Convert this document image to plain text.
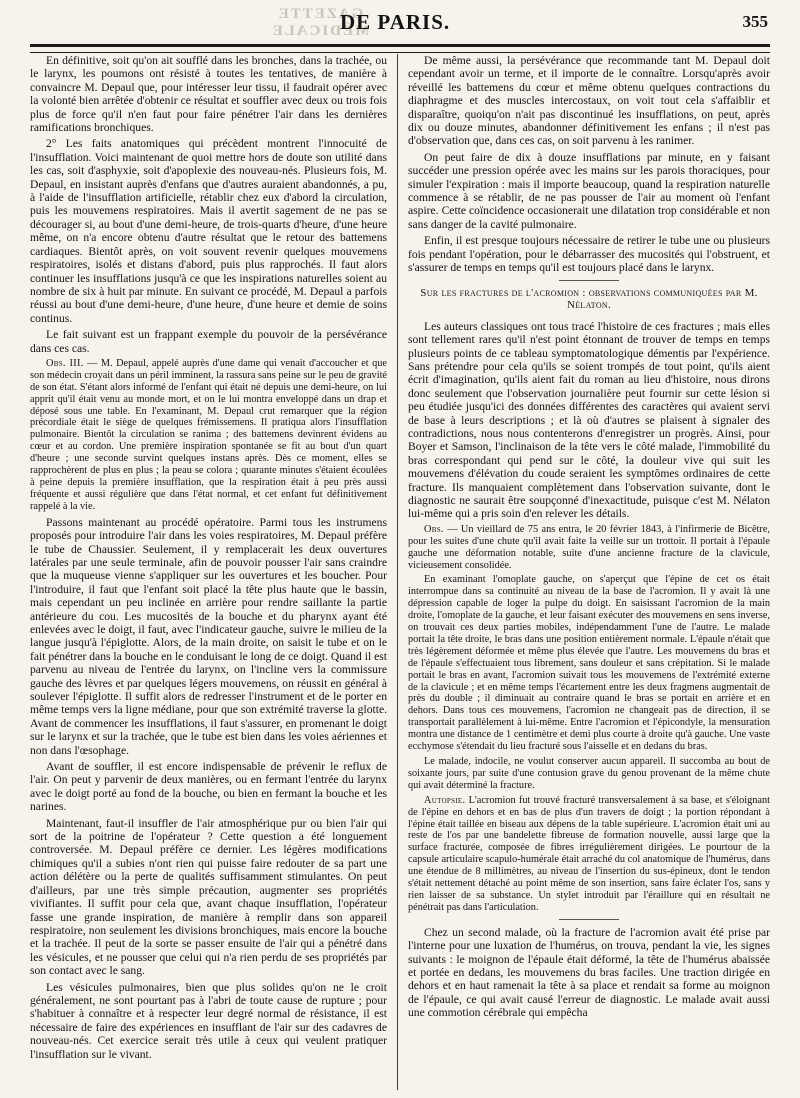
GAZETTE MÉDICALE
DE PARIS.	355

En définitive, soit qu'on ait soufflé dans les bronches, dans la trachée, ou le larynx, les poumons ont résisté à toutes les tentatives, de manière à convaincre M. Depaul que, pour intéresser leur tissu, il faudrait opérer avec la volonté bien arrêtée d'obtenir ce résultat et souffler avec deux ou trois fois plus de force qu'il n'en faut pour faire pénétrer l'air dans les dernières ramifications bronchiques.

2° Les faits anatomiques qui précèdent montrent l'innocuité de l'insufflation. Voici maintenant de quoi mettre hors de doute son utilité dans les cas, soit d'asphyxie, soit d'apoplexie des nouveau-nés. Plusieurs fois, M. Depaul, en insistant auprès d'enfans que d'autres auraient abandonnés, a pu, à l'aide de l'insufflation artificielle, rétablir chez eux d'abord la circulation, puis les mouvemens respiratoires. Mais il avertit sagement de ne pas se décourager si, au bout d'une demi-heure, de trois-quarts d'heure, d'une heure même, on n'a encore obtenu d'autre résultat que le retour des battemens cardiaques. Bientôt après, on voit souvent revenir quelques mouvemens respiratoires, isolés et distans d'abord, puis plus rapprochés. Il faut alors continuer les insufflations jusqu'à ce que les inspirations naturelles soient au nombre de six à huit par minute. En suivant ce procédé, M. Depaul a parfois réussi au bout d'une demi-heure, d'une heure, d'une heure et demie de soins continus.

Le fait suivant est un frappant exemple du pouvoir de la persévérance dans ces cas.

Obs. III. — M. Depaul, appelé auprès d'une dame qui venait d'accoucher et que son médecin croyait dans un péril imminent, la rassura sans peine sur le peu de gravité de son état. S'étant alors informé de l'enfant qui était né depuis une demi-heure, on lui apprit qu'il était venu au monde mort, et on le lui montra enveloppé dans un drap et déposé sous une table. En l'examinant, M. Depaul crut remarquer que la région précordiale était le siège de quelques frémissemens. Il pratiqua alors l'insufflation pulmonaire. Bientôt la circulation se ranima ; des battemens devinrent évidens au cœur et au cordon. Une première inspiration spontanée se fit au bout d'un quart d'heure ; une seconde survint quelques instans après. Dès ce moment, elles se rapprochèrent de plus en plus ; la peau se colora ; quarante minutes s'étaient écoulées à peine depuis la première insufflation, que la respiration était à peu près aussi fréquente et aussi régulière que dans l'état normal, et cet enfant fut définitivement rappelé à la vie.

Passons maintenant au procédé opératoire. Parmi tous les instrumens proposés pour introduire l'air dans les voies respiratoires, M. Depaul préfère le tube de Chaussier. Seulement, il y remplacerait les deux ouvertures latérales par une seule terminale, afin de pouvoir pousser l'air sans craindre que la muqueuse vienne s'appliquer sur les ouvertures et les boucher. Pour l'introduire, il faut que l'enfant soit placé la tête plus haute que le bassin, mais cependant un peu inclinée en arrière pour rendre saillante la partie antérieure du cou. Les mucosités de la bouche et du pharynx ayant été enlevées avec le doigt, il faut, avec l'indicateur gauche, suivre le milieu de la langue jusqu'à l'épiglotte. Alors, de la main droite, on saisit le tube et on le fait pénétrer dans la bouche en le conduisant le long de ce doigt. Quand il est parvenu au niveau de l'entrée du larynx, on l'incline vers la commissure gauche des lèvres et par quelques légers mouvemens, on réussit en général à soulever l'épiglotte. Il suffit alors de redresser l'instrument et de le porter en même temps vers la ligne médiane, pour que son extrémité traverse la glotte. Avant de commencer les insufflations, il faut s'assurer, en promenant le doigt sur le larynx et sur la trachée, que le tube est bien dans les voies aériennes et non dans l'œsophage.

Avant de souffler, il est encore indispensable de prévenir le reflux de l'air. On peut y parvenir de deux manières, ou en fermant l'entrée du larynx avec le doigt porté au fond de la bouche, ou bien en fermant la bouche et les narines.

Maintenant, faut-il insuffler de l'air atmosphérique pur ou bien l'air qui sort de la poitrine de l'opérateur ? Cette question a été longuement controversée. M. Depaul préfère ce dernier. Les légères modifications chimiques qu'il a subies n'ont rien qui puisse faire redouter de sa part une action délétère ou la perte de qualités suffisamment stimulantes. On peut d'ailleurs, par une très simple précaution, augmenter ses propriétés vivifiantes. Il suffit pour cela que, avant chaque insufflation, l'opérateur fasse une grande inspiration, de manière à remplir dans son appareil respiratoire, non seulement les divisions bronchiques, mais encore la bouche et la trachée. Il peut de la sorte se passer ensuite de l'air qui a pénétré dans les vésicules, et ne pousser que celui qui n'a rien perdu de ses propriétés par son contact avec le sang.

Les vésicules pulmonaires, bien que plus solides qu'on ne le croit généralement, ne sont pourtant pas à l'abri de toute cause de rupture ; pour s'habituer à connaître et à respecter leur degré normal de résistance, il est nécessaire de faire des expériences en insufflant de l'air sur des cadavres de nouveau-nés. Cet exercice serait très utile à ceux qui veulent pratiquer l'insufflation sur le vivant.

De même aussi, la persévérance que recommande tant M. Depaul doit cependant avoir un terme, et il importe de le connaître. Lorsqu'après avoir réveillé les battemens du cœur et même obtenu quelques contractions du diaphragme et des muscles intercostaux, on voit tout cela s'affaiblir et disparaître, quoiqu'on n'ait pas discontinué les insufflations, on peut, après dix ou douze minutes, abandonner définitivement les enfans ; il n'est pas d'observation que, dans ces cas, on soit parvenu à les ranimer.

On peut faire de dix à douze insufflations par minute, en y faisant succéder une pression opérée avec les mains sur les parois thoraciques, pour simuler l'expiration : mais il importe beaucoup, quand la respiration naturelle commence à se rétablir, de ne pas pousser de l'air au moment où l'enfant aspire. Cette coïncidence occasionerait une dilatation trop considérable et non sans danger de la cavité pulmonaire.

Enfin, il est presque toujours nécessaire de retirer le tube une ou plusieurs fois pendant l'opération, pour le débarrasser des mucosités qui l'obstruent, et s'assurer de temps en temps qu'il est toujours placé dans le larynx.

Sur les fractures de l'acromion : observations communiquées par M. Nélaton.

Les auteurs classiques ont tous tracé l'histoire de ces fractures ; mais elles sont tellement rares qu'il n'est point étonnant de trouver de temps en temps plusieurs points de ce tableau symptomatologique démentis par l'expérience. Sans prétendre pour cela qu'ils se soient trompés de tout point, qu'ils aient écrit d'imagination, qu'ils aient fait du roman au lieu d'histoire, nous dirons donc seulement que l'observation journalière peut fournir sur cette lésion si peu étudiée jusqu'ici des données différentes des caractères qui avaient servi de base à leurs descriptions ; et là où d'autres se plaisent à signaler des contradictions, nous nous contenterons d'enregistrer un progrès. Ainsi, pour Boyer et Samson, l'inclinaison de la tête vers le côté malade, l'immobilité du bras correspondant qui pend sur le côté, la douleur vive qui suit les mouvemens d'élévation du coude seraient les symptômes ordinaires de cette fracture. Ils manquaient complètement dans l'observation suivante, dont le diagnostic ne saurait être soupçonné d'inexactitude, puisque c'est M. Nélaton lui-même qui a pris soin d'en relever les détails.

Obs. — Un vieillard de 75 ans entra, le 20 février 1843, à l'infirmerie de Bicêtre, pour les suites d'une chute qu'il avait faite la veille sur un trottoir. Il portait à l'épaule gauche une déformation notable, suite d'une ancienne fracture de la clavicule, vicieusement consolidée.

En examinant l'omoplate gauche, on s'aperçut que l'épine de cet os était interrompue dans sa continuité au niveau de la base de l'acromion. Il y avait là une dépression capable de loger la pulpe du doigt. En saisissant l'acromion de la main droite, l'omoplate de la gauche, et leur faisant exécuter des mouvemens en sens inverse, on trouvait ces deux parties mobiles, indépendamment l'une de l'autre. Le malade portait la tête droite, le bras dans une position entièrement normale. L'épaule n'était que très légèrement déformée et même plus élevée que l'autre. Les mouvemens du bras et de l'épaule s'effectuaient tous librement, sans douleur et sans crépitation. Si le malade portait le bras en avant, l'acromion suivait tous les mouvemens de l'extrémité externe de la clavicule ; et en même temps l'écartement entre les deux fragmens augmentait de près du double ; il diminuait au contraire quand le bras se portait en arrière et en dehors. Dans tous ces mouvemens, l'acromion ne changeait pas de direction, il se transportait parallèlement à lui-même. Entre l'acromion et l'épicondyle, la mensuration montra une distance de 1 centimètre et demi plus courte à droite qu'à gauche. Une vaste ecchymose s'étendait du lieu fracturé sous l'aisselle et en dedans du bras.

Le malade, indocile, ne voulut conserver aucun appareil. Il succomba au bout de soixante jours, par suite d'une contusion grave du genou provenant de la même chute qui avait déterminé la fracture.

Autopsie. L'acromion fut trouvé fracturé transversalement à sa base, et s'éloignant de l'épine en dehors et en bas de plus d'un travers de doigt ; la portion répondant à l'épine était taillée en biseau aux dépens de la table supérieure. L'acromion était uni au reste de l'os par une bandelette fibreuse de formation nouvelle, aussi large que la surface fracturée, composée de fibres irrégulièrement dirigées. Le pourtour de la capsule articulaire scapulo-humérale était arraché du col anatomique de l'humérus, dans une étendue de 8 millimètres, au niveau de l'insertion du sus-épineux, dont le tendon s'était nettement détaché au point même de son insertion, sans faire éclater l'os, sans y rien laisser de sa substance. Un stylet introduit par l'éraillure qui en résultait ne pénétrait pas dans l'articulation.

Chez un second malade, où la fracture de l'acromion avait été prise par l'interne pour une luxation de l'humérus, on trouva, pendant la vie, les signes suivants : le moignon de l'épaule était déformé, la tête de l'humérus abaissée et portée en dedans, les mouvemens du bras faciles. Une traction dirigée en dehors et en haut ramenait la tête à sa place et rendait sa forme au moignon de l'épaule, ce qui avait causé l'erreur de diagnostic. Le malade avait aussi une commotion cérébrale qui empêcha
